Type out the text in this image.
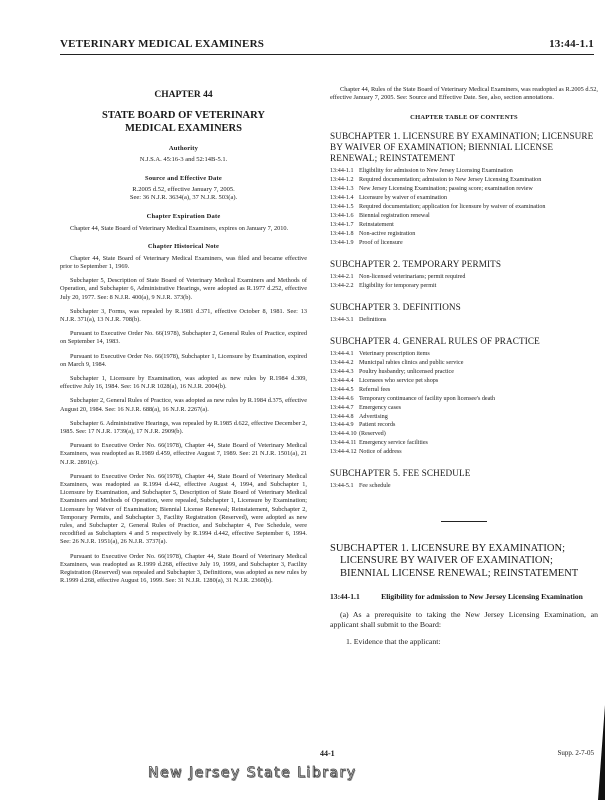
VETERINARY MEDICAL EXAMINERS	13:44-1.1
CHAPTER 44
STATE BOARD OF VETERINARY
MEDICAL EXAMINERS
Authority
N.J.S.A. 45:16-3 and 52:14B-5.1.
Source and Effective Date
R.2005 d.52, effective January 7, 2005.
See: 36 N.J.R. 3634(a), 37 N.J.R. 503(a).
Chapter Expiration Date

Chapter 44, State Board of Veterinary Medical Examiners, expires on January 7, 2010.

Chapter Historical Note

Chapter 44, State Board of Veterinary Medical Examiners, was filed and became effective prior to September 1, 1969.

Subchapter 5, Description of State Board of Veterinary Medical Examiners and Methods of Operation, and Subchapter 6, Administrative Hearings, were adopted as R.1977 d.252, effective July 20, 1977. See: 8 N.J.R. 400(a), 9 N.J.R. 373(b).

Subchapter 3, Forms, was repealed by R.1981 d.371, effective October 8, 1981. See: 13 N.J.R. 371(a), 13 N.J.R. 708(b).

Pursuant to Executive Order No. 66(1978), Subchapter 2, General Rules of Practice, expired on September 14, 1983.

Pursuant to Executive Order No. 66(1978), Subchapter 1, Licensure by Examination, expired on March 9, 1984.

Subchapter 1, Licensure by Examination, was adopted as new rules by R.1984 d.309, effective July 16, 1984. See: 16 N.J.R 1028(a), 16 N.J.R. 2004(b).

Subchapter 2, General Rules of Practice, was adopted as new rules by R.1984 d.375, effective August 20, 1984. See: 16 N.J.R. 688(a), 16 N.J.R. 2267(a).

Subchapter 6. Administrative Hearings, was repealed by R.1985 d.622, effective December 2, 1985. See: 17 N.J.R. 1739(a), 17 N.J.R. 2909(b).

Pursuant to Executive Order No. 66(1978), Chapter 44, State Board of Veterinary Medical Examiners, was readopted as R.1989 d.459, effective August 7, 1989. See: 21 N.J.R. 1501(a), 21 N.J.R. 2891(c).

Pursuant to Executive Order No. 66(1978), Chapter 44, State Board of Veterinary Medical Examiners, was readopted as R.1994 d.442, effective August 4, 1994, and Subchapter 1, Licensure by Examination, and Subchapter 5, Description of State Board of Veterinary Medical Examiners and Methods of Operation, were repealed, Subchapter 1, Licensure by Examination; Licensure by Waiver of Examination; Biennial License Renewal; Reinstatement, Subchapter 2, Temporary Permits, and Subchapter 3, Facility Registration (Reserved), were adopted as new rules, and Subchapter 2, General Rules of Practice, and Subchapter 4, Fee Schedule, were recodified as Subchapters 4 and 5 respectively by R.1994 d.442, effective September 6, 1994. See: 26 N.J.R. 1951(a), 26 N.J.R. 3737(a).

Pursuant to Executive Order No. 66(1978), Chapter 44, State Board of Veterinary Medical Examiners, was readopted as R.1999 d.268, effective July 19, 1999, and Subchapter 3, Facility Registration (Reserved) was repealed and Subchapter 3, Definitions, was adopted as new rules by R.1999 d.268, effective August 16, 1999. See: 31 N.J.R. 1280(a), 31 N.J.R. 2360(b).

Chapter 44, Rules of the State Board of Veterinary Medical Examiners, was readopted as R.2005 d.52, effective January 7, 2005. See: Source and Effective Date. See, also, section annotations.

CHAPTER TABLE OF CONTENTS
SUBCHAPTER 1. LICENSURE BY EXAMINATION; LICENSURE BY WAIVER OF EXAMINATION; BIENNIAL LICENSE RENEWAL; REINSTATEMENT
13:44-1.1 Eligibility for admission to New Jersey Licensing Examination
13:44-1.2 Required documentation; admission to New Jersey Licensing Examination
13:44-1.3 New Jersey Licensing Examination; passing score; examination review
13:44-1.4 Licensure by waiver of examination
13:44-1.5 Required documentation; application for licensure by waiver of examination
13:44-1.6 Biennial registration renewal
13:44-1.7 Reinstatement
13:44-1.8 Non-active registration
13:44-1.9 Proof of licensure
SUBCHAPTER 2. TEMPORARY PERMITS
13:44-2.1 Non-licensed veterinarians; permit required
13:44-2.2 Eligibility for temporary permit
SUBCHAPTER 3. DEFINITIONS
13:44-3.1 Definitions
SUBCHAPTER 4. GENERAL RULES OF PRACTICE
13:44-4.1 Veterinary prescription items
13:44-4.2 Municipal rabies clinics and public service
13:44-4.3 Poultry husbandry; unlicensed practice
13:44-4.4 Licensees who service pet shops
13:44-4.5 Referral fees
13:44-4.6 Temporary continuance of facility upon licensee's death
13:44-4.7 Emergency cases
13:44-4.8 Advertising
13:44-4.9 Patient records
13:44-4.10 (Reserved)
13:44-4.11 Emergency service facilities
13:44-4.12 Notice of address
SUBCHAPTER 5. FEE SCHEDULE
13:44-5.1 Fee schedule
SUBCHAPTER 1. LICENSURE BY EXAMINATION; LICENSURE BY WAIVER OF EXAMINATION; BIENNIAL LICENSE RENEWAL; REINSTATEMENT
13:44-1.1	Eligibility for admission to New Jersey Licensing Examination
(a) As a prerequisite to taking the New Jersey Licensing Examination, an applicant shall submit to the Board:
1. Evidence that the applicant:
44-1	Supp. 2-7-05
New Jersey State Library
